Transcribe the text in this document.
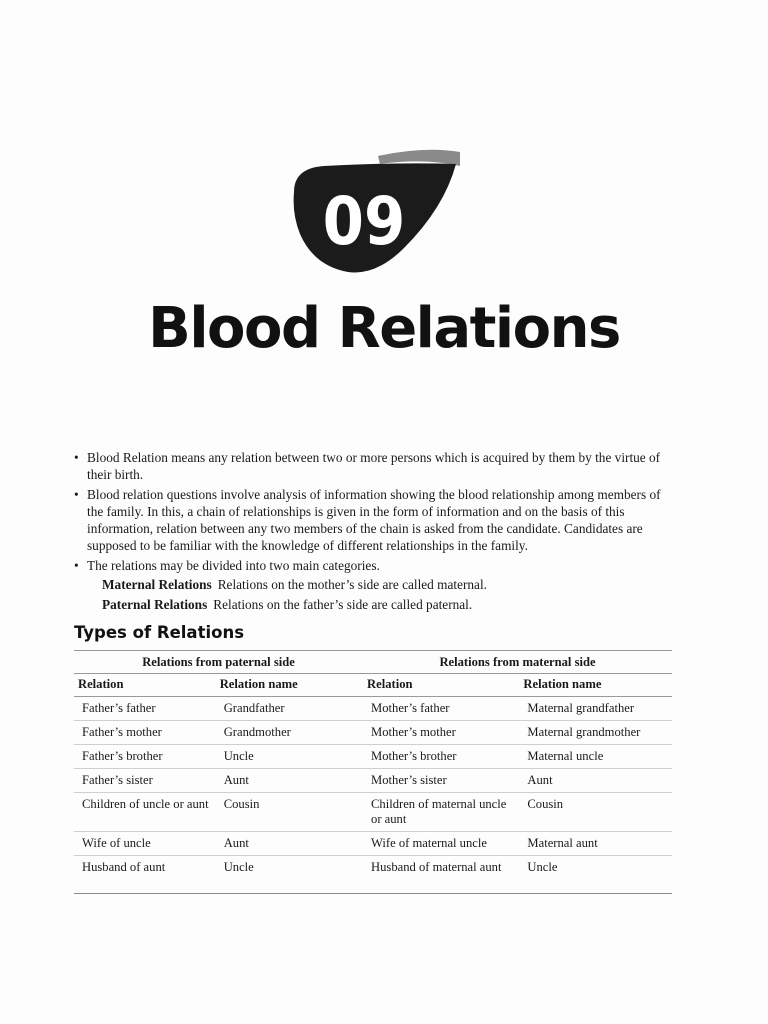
09
Blood Relations
• Blood Relation means any relation between two or more persons which is acquired by them by the virtue of their birth.
• Blood relation questions involve analysis of information showing the blood relationship among members of the family. In this, a chain of relationships is given in the form of information and on the basis of this information, relation between any two members of the chain is asked from the candidate. Candidates are supposed to be familiar with the knowledge of different relationships in the family.
• The relations may be divided into two main categories.
Maternal Relations Relations on the mother’s side are called maternal.
Paternal Relations Relations on the father’s side are called paternal.
Types of Relations
Relations from paternal side		Relations from maternal side	
Relation	Relation name	Relation	Relation name
Father’s father	Grandfather	Mother’s father	Maternal grandfather
Father’s mother	Grandmother	Mother’s mother	Maternal grandmother
Father’s brother	Uncle	Mother’s brother	Maternal uncle
Father’s sister	Aunt	Mother’s sister	Aunt
Children of uncle or aunt	Cousin	Children of maternal uncle or aunt	Cousin
Wife of uncle	Aunt	Wife of maternal uncle	Maternal aunt
Husband of aunt	Uncle	Husband of maternal aunt	Uncle
